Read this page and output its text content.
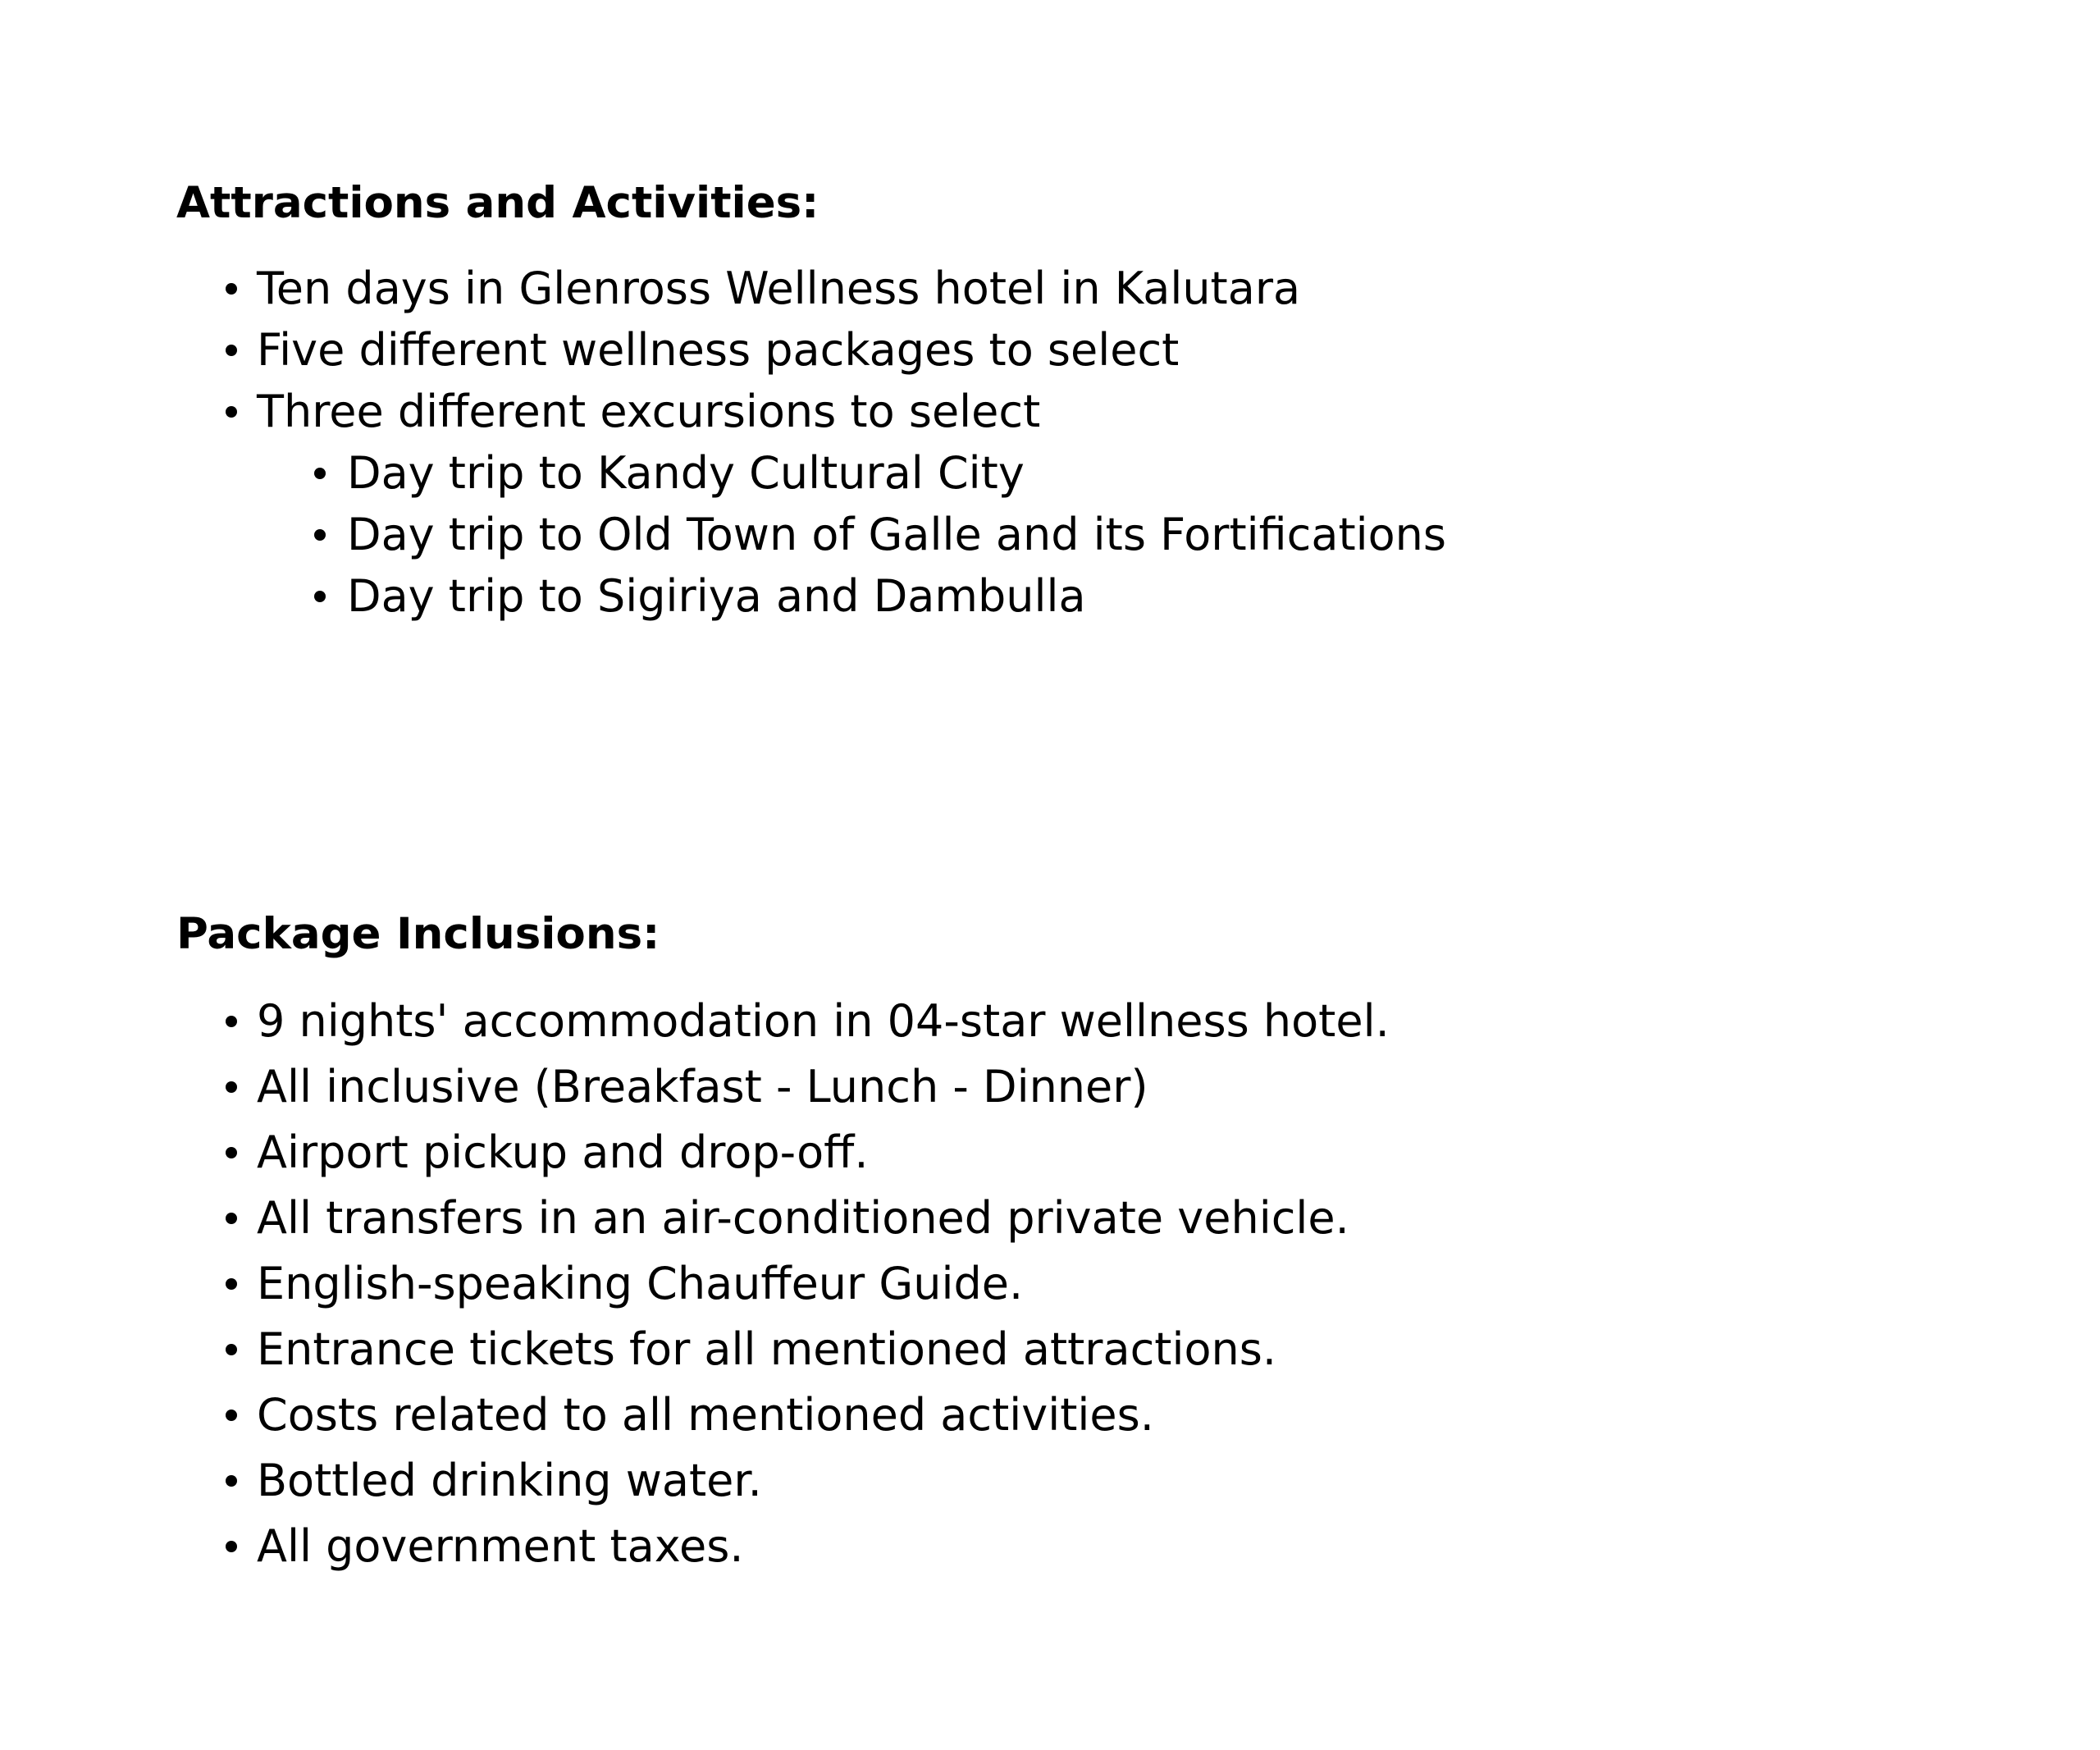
Attractions and Activities:
Ten days in Glenross Wellness hotel in Kalutara
Five different wellness packages to select
Three different excursions to select
Day trip to Kandy Cultural City
Day trip to Old Town of Galle and its Fortifications
Day trip to Sigiriya and Dambulla
Package Inclusions:
9 nights' accommodation in 04-star wellness hotel.
All inclusive (Breakfast - Lunch - Dinner)
Airport pickup and drop-off.
All transfers in an air-conditioned private vehicle.
English-speaking Chauffeur Guide.
Entrance tickets for all mentioned attractions.
Costs related to all mentioned activities.
Bottled drinking water.
All government taxes.
